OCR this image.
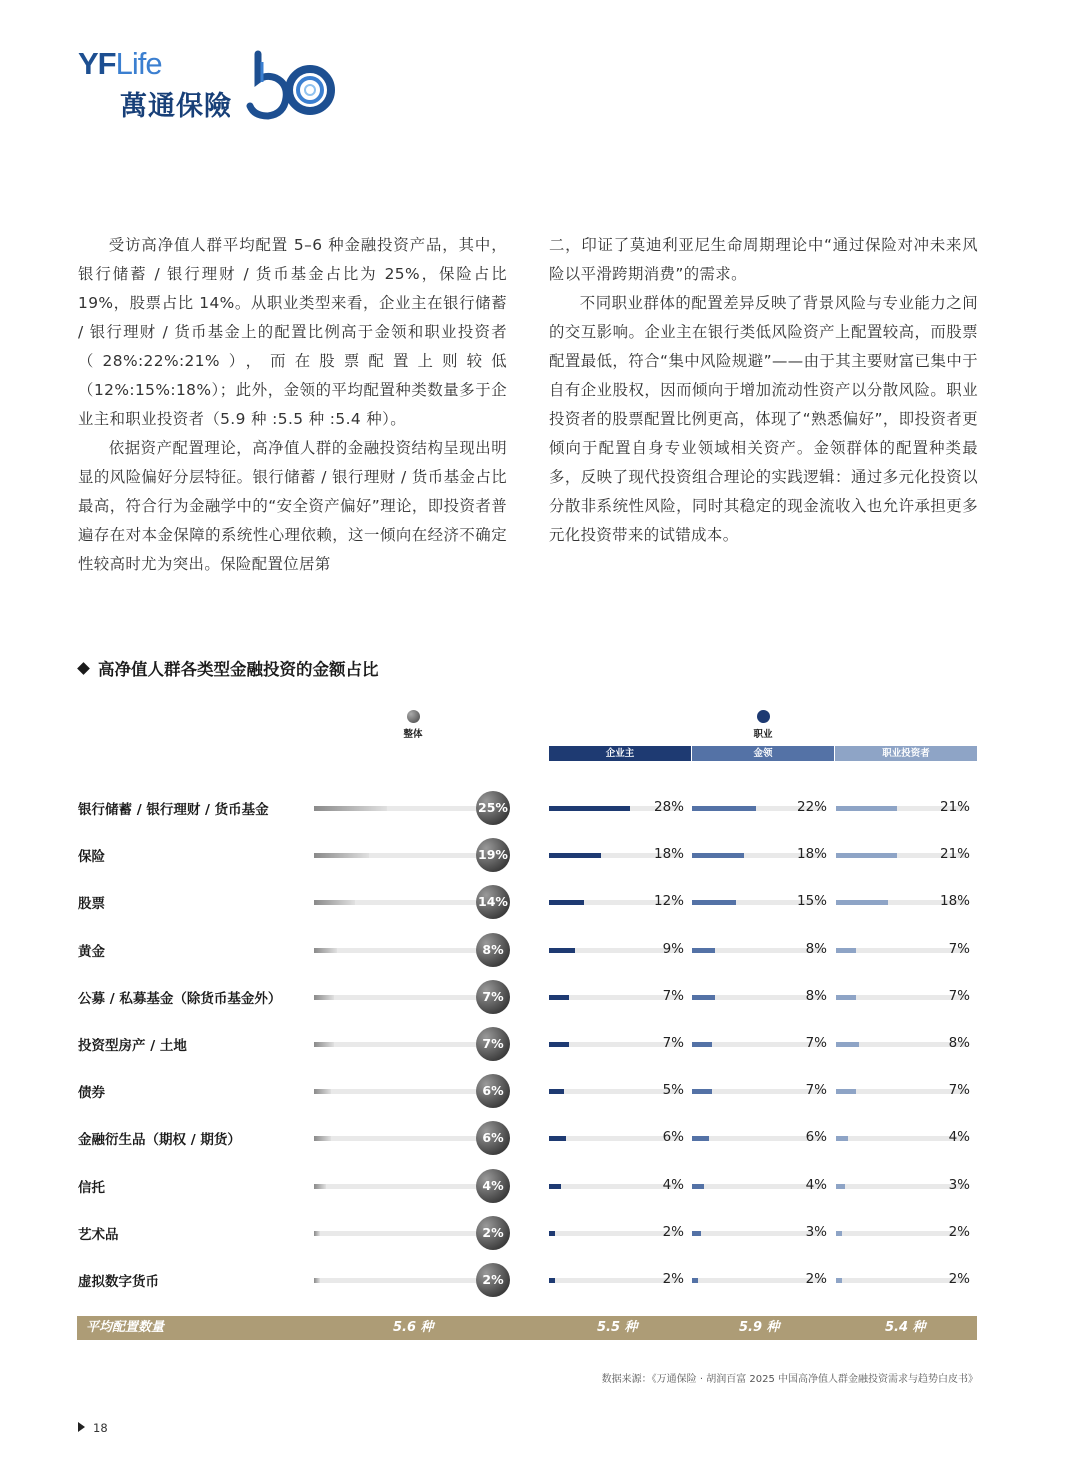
YFLife
萬通保險

受访高净值人群平均配置 5–6 种金融投资产品，其中，银行储蓄 / 银行理财 / 货币基金占比为 25%，保险占比 19%，股票占比 14%。从职业类型来看，企业主在银行储蓄 / 银行理财 / 货币基金上的配置比例高于金领和职业投资者（28%:22%:21%），而在股票配置上则较低（12%:15%:18%）；此外，金领的平均配置种类数量多于企业主和职业投资者（5.9 种 :5.5 种 :5.4 种）。

依据资产配置理论，高净值人群的金融投资结构呈现出明显的风险偏好分层特征。银行储蓄 / 银行理财 / 货币基金占比最高，符合行为金融学中的“安全资产偏好”理论，即投资者普遍存在对本金保障的系统性心理依赖，这一倾向在经济不确定性较高时尤为突出。保险配置位居第

二，印证了莫迪利亚尼生命周期理论中“通过保险对冲未来风险以平滑跨期消费”的需求。

不同职业群体的配置差异反映了背景风险与专业能力之间的交互影响。企业主在银行类低风险资产上配置较高，而股票配置最低，符合“集中风险规避”——由于其主要财富已集中于自有企业股权，因而倾向于增加流动性资产以分散风险。职业投资者的股票配置比例更高，体现了“熟悉偏好”，即投资者更倾向于配置自身专业领域相关资产。金领群体的配置种类最多，反映了现代投资组合理论的实践逻辑：通过多元化投资以分散非系统性风险，同时其稳定的现金流收入也允许承担更多元化投资带来的试错成本。

高净值人群各类型金融投资的金额占比
整体	职业
企业主	金领	职业投资者
银行储蓄 / 银行理财 / 货币基金	25%	28%	22%	21%
保险	19%	18%	18%	21%
股票	14%	12%	15%	18%
黄金	8%	9%	8%	7%
公募 / 私募基金（除货币基金外）	7%	7%	8%	7%
投资型房产 / 土地	7%	7%	7%	8%
债券	6%	5%	7%	7%
金融衍生品（期权 / 期货）	6%	6%	6%	4%
信托	4%	4%	4%	3%
艺术品	2%	2%	3%	2%
虚拟数字货币	2%	2%	2%	2%
平均配置数量	5.6 种	5.5 种	5.9 种	5.4 种
数据来源：《万通保险 · 胡润百富 2025 中国高净值人群金融投资需求与趋势白皮书》
18
